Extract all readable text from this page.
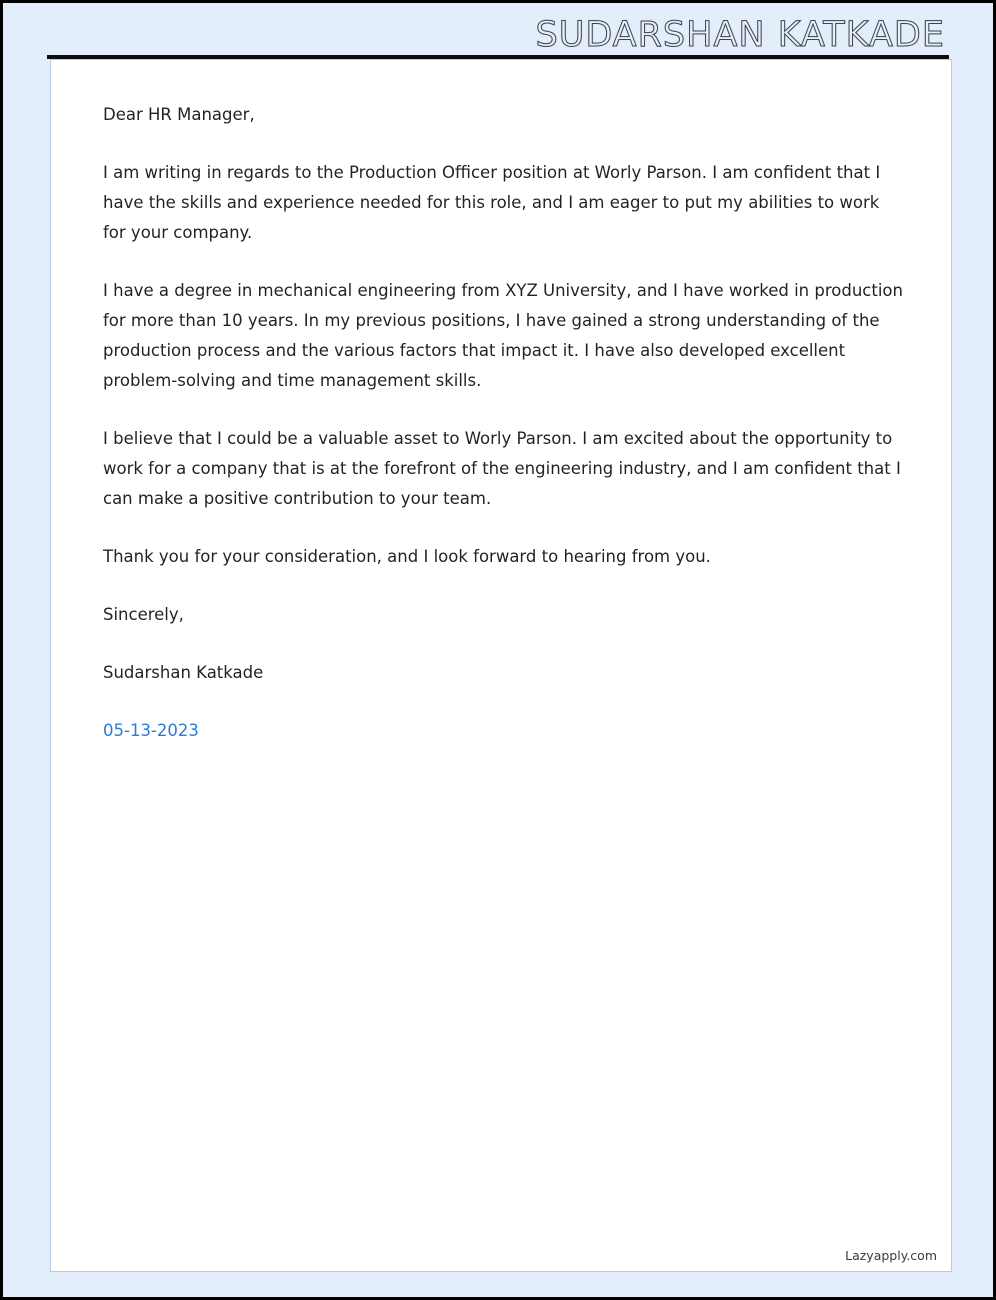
SUDARSHAN KATKADE

Dear HR Manager,

I am writing in regards to the Production Officer position at Worly Parson. I am confident that I have the skills and experience needed for this role, and I am eager to put my abilities to work for your company.

I have a degree in mechanical engineering from XYZ University, and I have worked in production for more than 10 years. In my previous positions, I have gained a strong understanding of the production process and the various factors that impact it. I have also developed excellent problem-solving and time management skills.

I believe that I could be a valuable asset to Worly Parson. I am excited about the opportunity to work for a company that is at the forefront of the engineering industry, and I am confident that I can make a positive contribution to your team.

Thank you for your consideration, and I look forward to hearing from you.

Sincerely,

Sudarshan Katkade

05-13-2023

Lazyapply.com
